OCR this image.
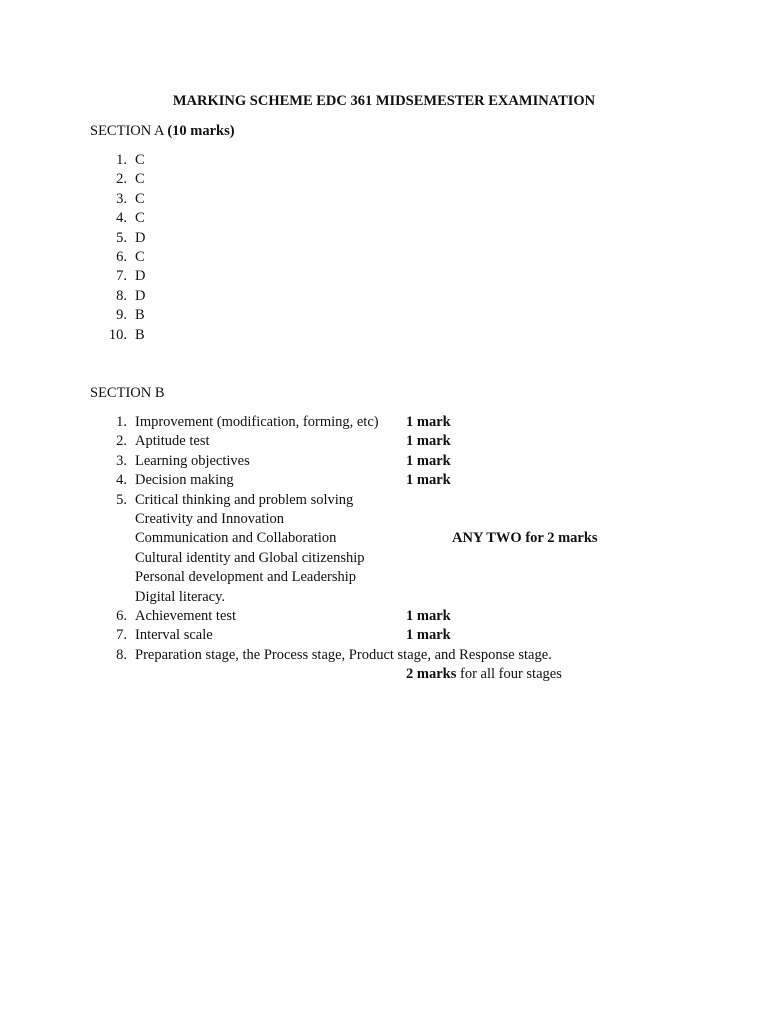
MARKING SCHEME EDC 361 MIDSEMESTER EXAMINATION
SECTION A (10 marks)
1. C
2. C
3. C
4. C
5. D
6. C
7. D
8. D
9. B
10. B
SECTION B
1. Improvement (modification, forming, etc) 1 mark
2. Aptitude test	1 mark
3. Learning objectives	1 mark
4. Decision making	1 mark
5. Critical thinking and problem solving
Creativity and Innovation
Communication and Collaboration	ANY TWO for 2 marks
Cultural identity and Global citizenship
Personal development and Leadership
Digital literacy.
6. Achievement test	1 mark
7. Interval scale	1 mark
8. Preparation stage, the Process stage, Product stage, and Response stage.
2 marks for all four stages
